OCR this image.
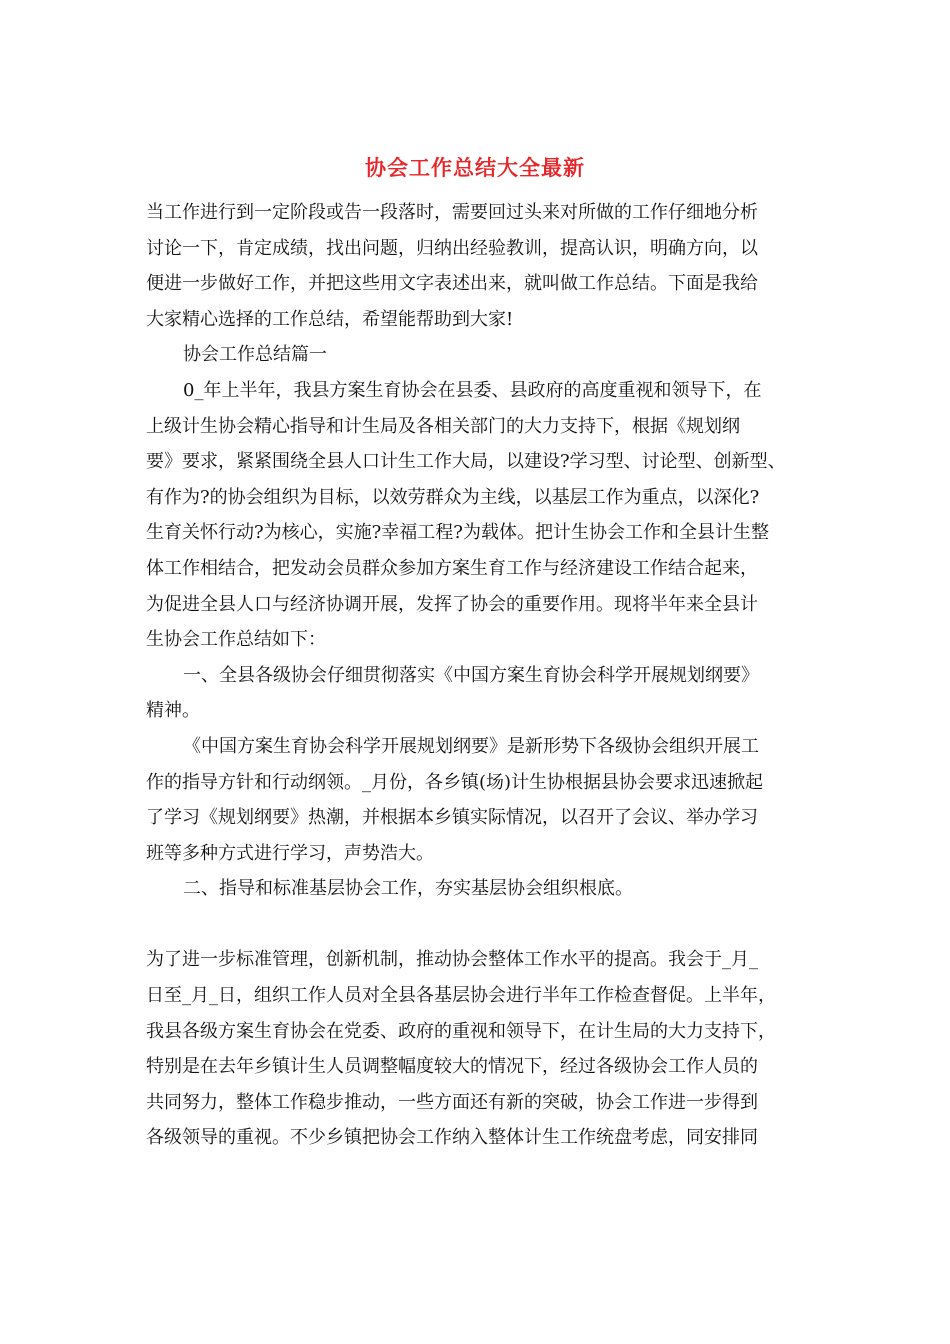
协会工作总结大全最新
当工作进行到一定阶段或告一段落时，需要回过头来对所做的工作仔细地分析
讨论一下，肯定成绩，找出问题，归纳出经验教训，提高认识，明确方向，以
便进一步做好工作，并把这些用文字表述出来，就叫做工作总结。下面是我给
大家精心选择的工作总结，希望能帮助到大家!
协会工作总结篇一
0_年上半年，我县方案生育协会在县委、县政府的高度重视和领导下，在
上级计生协会精心指导和计生局及各相关部门的大力支持下，根据《规划纲
要》要求，紧紧围绕全县人口计生工作大局，以建设?学习型、讨论型、创新型、
有作为?的协会组织为目标，以效劳群众为主线，以基层工作为重点，以深化?
生育关怀行动?为核心，实施?幸福工程?为载体。把计生协会工作和全县计生整
体工作相结合，把发动会员群众参加方案生育工作与经济建设工作结合起来，
为促进全县人口与经济协调开展，发挥了协会的重要作用。现将半年来全县计
生协会工作总结如下：
一、全县各级协会仔细贯彻落实《中国方案生育协会科学开展规划纲要》
精神。
《中国方案生育协会科学开展规划纲要》是新形势下各级协会组织开展工
作的指导方针和行动纲领。_月份，各乡镇(场)计生协根据县协会要求迅速掀起
了学习《规划纲要》热潮，并根据本乡镇实际情况，以召开了会议、举办学习
班等多种方式进行学习，声势浩大。
二、指导和标准基层协会工作，夯实基层协会组织根底。
为了进一步标准管理，创新机制，推动协会整体工作水平的提高。我会于_月_
日至_月_日，组织工作人员对全县各基层协会进行半年工作检查督促。上半年，
我县各级方案生育协会在党委、政府的重视和领导下，在计生局的大力支持下，
特别是在去年乡镇计生人员调整幅度较大的情况下，经过各级协会工作人员的
共同努力，整体工作稳步推动，一些方面还有新的突破，协会工作进一步得到
各级领导的重视。不少乡镇把协会工作纳入整体计生工作统盘考虑，同安排同
